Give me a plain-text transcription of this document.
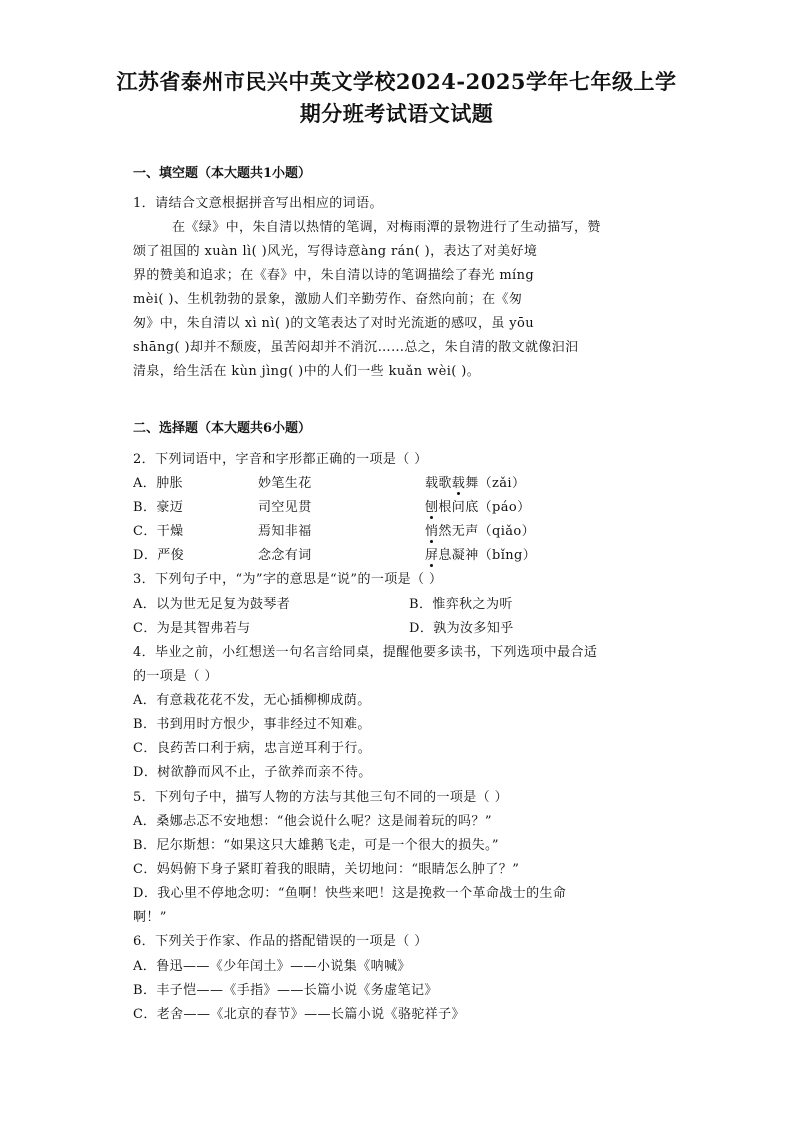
江苏省泰州市民兴中英文学校2024-2025学年七年级上学
期分班考试语文试题
一、填空题（本大题共1小题）
1．请结合文意根据拼音写出相应的词语。
在《绿》中，朱自清以热情的笔调，对梅雨潭的景物进行了生动描写，赞
颂了祖国的 xuàn lì( )风光，写得诗意àng rán( )，表达了对美好境
界的赞美和追求；在《春》中，朱自清以诗的笔调描绘了春光 míng
mèi( )、生机勃勃的景象，激励人们辛勤劳作、奋然向前；在《匆
匆》中，朱自清以 xì nì( )的文笔表达了对时光流逝的感叹，虽 yōu
shāng( )却并不颓废，虽苦闷却并不消沉……总之，朱自清的散文就像汩汩
清泉，给生活在 kùn jìng( )中的人们一些 kuǎn wèi( )。
二、选择题（本大题共6小题）
2．下列词语中，字音和字形都正确的一项是（ ）
A．肿胀	妙笔生花	载歌载舞（zǎi）
B．豪迈	司空见贯	刨根问底（páo）
C．干燥	焉知非福	悄然无声（qiǎo）
D．严俊	念念有词	屏息凝神（bǐng）
3．下列句子中，“为”字的意思是“说”的一项是（ ）
A．以为世无足复为鼓琴者	B．惟弈秋之为听
C．为是其智弗若与	D．孰为汝多知乎
4．毕业之前，小红想送一句名言给同桌，提醒他要多读书，下列选项中最合适
的一项是（ ）
A．有意栽花花不发，无心插柳柳成荫。
B．书到用时方恨少，事非经过不知难。
C．良药苦口利于病，忠言逆耳利于行。
D．树欲静而风不止，子欲养而亲不待。
5．下列句子中，描写人物的方法与其他三句不同的一项是（ ）
A．桑娜忐忑不安地想：“他会说什么呢？这是闹着玩的吗？”
B．尼尔斯想：“如果这只大雄鹅飞走，可是一个很大的损失。”
C．妈妈俯下身子紧盯着我的眼睛，关切地问：“眼睛怎么肿了？”
D．我心里不停地念叨：“鱼啊！快些来吧！这是挽救一个革命战士的生命
啊！”
6．下列关于作家、作品的搭配错误的一项是（ ）
A．鲁迅——《少年闰土》——小说集《呐喊》
B．丰子恺——《手指》——长篇小说《务虚笔记》
C．老舍——《北京的春节》——长篇小说《骆驼祥子》
